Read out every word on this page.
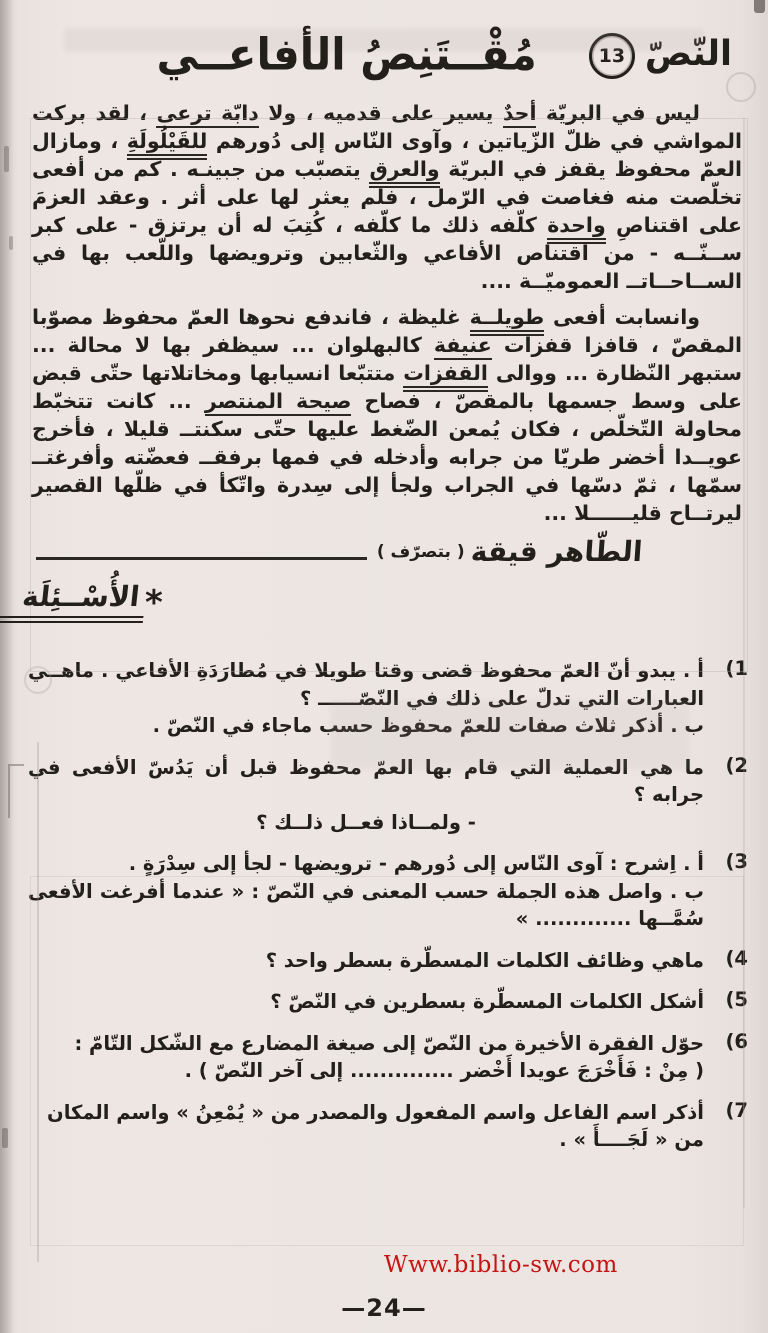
النّصّ
13
مُقْــتَنِصُ الأفاعــي

ليس في البريّة أحدٌ يسير على قدميه ، ولا دابّة ترعى ، لقد بركت المواشي في ظلّ الزّياتين ، وآوى النّاس إلى دُورهم للقَيْلُولَةِ ، ومازال العمّ محفوظ يقفز في البريّة والعرق يتصبّب من جبينـه . كم من أفعى تخلّصت منه فغاصت في الرّمل ، فلم يعثر لها على أثر . وعقد العزمَ على اقتناصِ واحدة كلّفه ذلك ما كلّفه ، كُتِبَ له أن يرتزق - على كبر ســنّــه - من اقتناص الأفاعي والثّعابين وترويضها واللّعب بها في الســاحــاتــ العموميّــة ....

وانسابت أفعى طويلــة غليظة ، فاندفع نحوها العمّ محفوظ مصوّبا المقصّ ، قافزا قفزات عنيفة كالبهلوان ... سيظفر بها لا محالة ... ستبهر النّظارة ... ووالى القفزات متتبّعا انسيابها ومخاتلاتها حتّى قبض على وسط جسمها بالمقصّ ، فصاح صيحة المنتصر ... كانت تتخبّط محاولة التّخلّص ، فكان يُمعن الضّغط عليها حتّى سكنتــ قليلا ، فأخرج عويــدا أخضر طريّا من جرابه وأدخله في فمها برفقــ فعضّته وأفرغتــ سمّها ، ثمّ دسّها في الجراب ولجأ إلى سِدرة واتّكأ في ظلّها القصير ليرتــاح قليــــــلا ...

الطّاهر قيقة
( بتصرّف )
*
الأُسْــئِلَة
(1
أ . يبدو أنّ العمّ محفوظ قضى وقتا طويلا في مُطارَدَةِ الأفاعي . ماهــي العبارات التي تدلّ على ذلك في النّصّــــــ ؟
ب . أذكر ثلاث صفات للعمّ محفوظ حسب ماجاء في النّصّ .
(2
ما هي العملية التي قام بها العمّ محفوظ قبل أن يَدُسّ الأفعى في جرابه ؟
- ولمــاذا فعــل ذلــك ؟
(3
أ . اِشرح : آوى النّاس إلى دُورهم - ترويضها - لجأ إلى سِدْرَةٍ .
ب . واصل هذه الجملة حسب المعنى في النّصّ : « عندما أفرغت الأفعى سُمَّــها ............. »
(4
ماهي وظائف الكلمات المسطّرة بسطر واحد ؟
(5
أشكل الكلمات المسطّرة بسطرين في النّصّ ؟
(6
حوّل الفقرة الأخيرة من النّصّ إلى صيغة المضارع مع الشّكل التّامّ :
( مِنْ : فَأَخْرَجَ عويدا أَخْضر .............. إلى آخر النّصّ ) .
(7
أذكر اسم الفاعل واسم المفعول والمصدر من « يُمْعِنُ » واسم المكان
من « لَجَــــأَ » .
Www.biblio-sw.com
—24—
